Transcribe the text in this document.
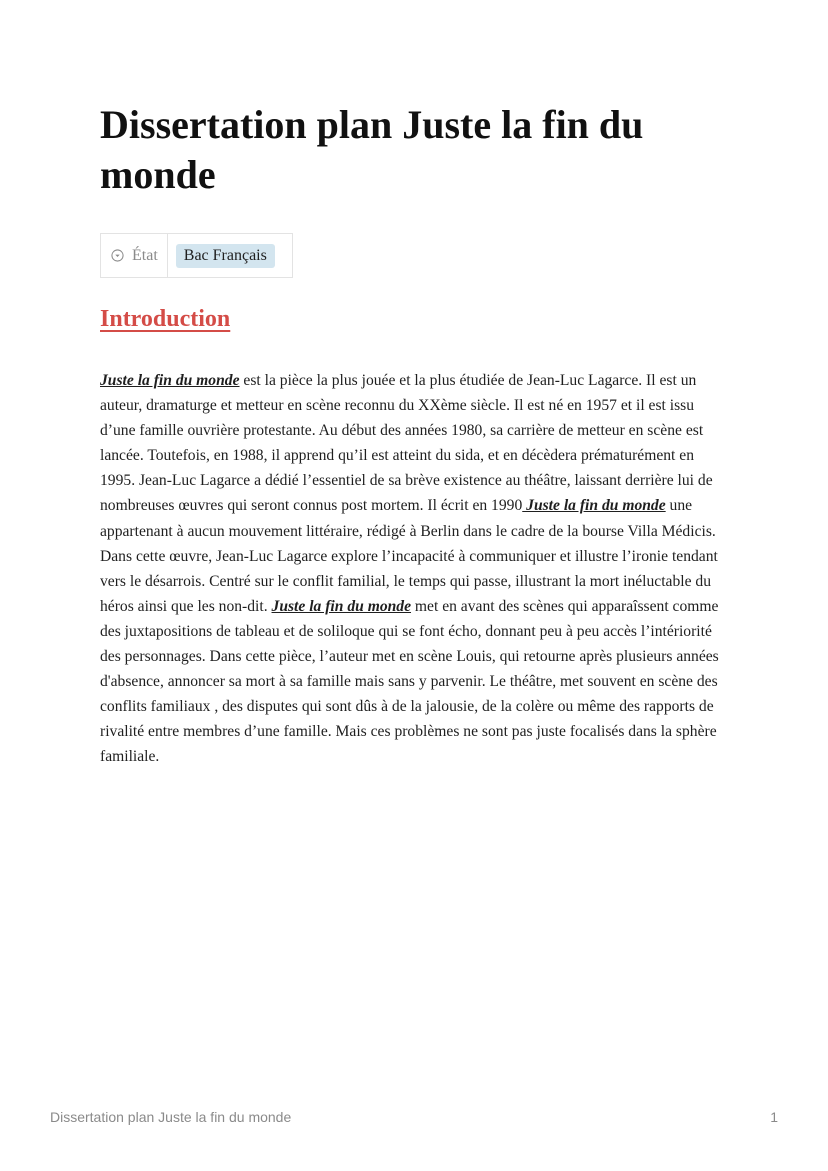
Dissertation plan Juste la fin du monde
État	Bac Français
Introduction

Juste la fin du monde est la pièce la plus jouée et la plus étudiée de Jean-Luc Lagarce. Il est un auteur, dramaturge et metteur en scène reconnu du XXème siècle. Il est né en 1957 et il est issu d’une famille ouvrière protestante. Au début des années 1980, sa carrière de metteur en scène est lancée. Toutefois, en 1988, il apprend qu’il est atteint du sida, et en décèdera prématurément en 1995. Jean-Luc Lagarce a dédié l’essentiel de sa brève existence au théâtre, laissant derrière lui de nombreuses œuvres qui seront connus post mortem. Il écrit en 1990 Juste la fin du monde une appartenant à aucun mouvement littéraire, rédigé à Berlin dans le cadre de la bourse Villa Médicis. Dans cette œuvre, Jean-Luc Lagarce explore l’incapacité à communiquer et illustre l’ironie tendant vers le désarrois. Centré sur le conflit familial, le temps qui passe, illustrant la mort inéluctable du héros ainsi que les non-dit. Juste la fin du monde met en avant des scènes qui apparaîssent comme des juxtapositions de tableau et de soliloque qui se font écho, donnant peu à peu accès l’intériorité des personnages. Dans cette pièce, l’auteur met en scène Louis, qui retourne après plusieurs années d'absence, annoncer sa mort à sa famille mais sans y parvenir. Le théâtre, met souvent en scène des conflits familiaux , des disputes qui sont dûs à de la jalousie, de la colère ou même des rapports de rivalité entre membres d’une famille. Mais ces problèmes ne sont pas juste focalisés dans la sphère familiale.

Dissertation plan Juste la fin du monde	1
